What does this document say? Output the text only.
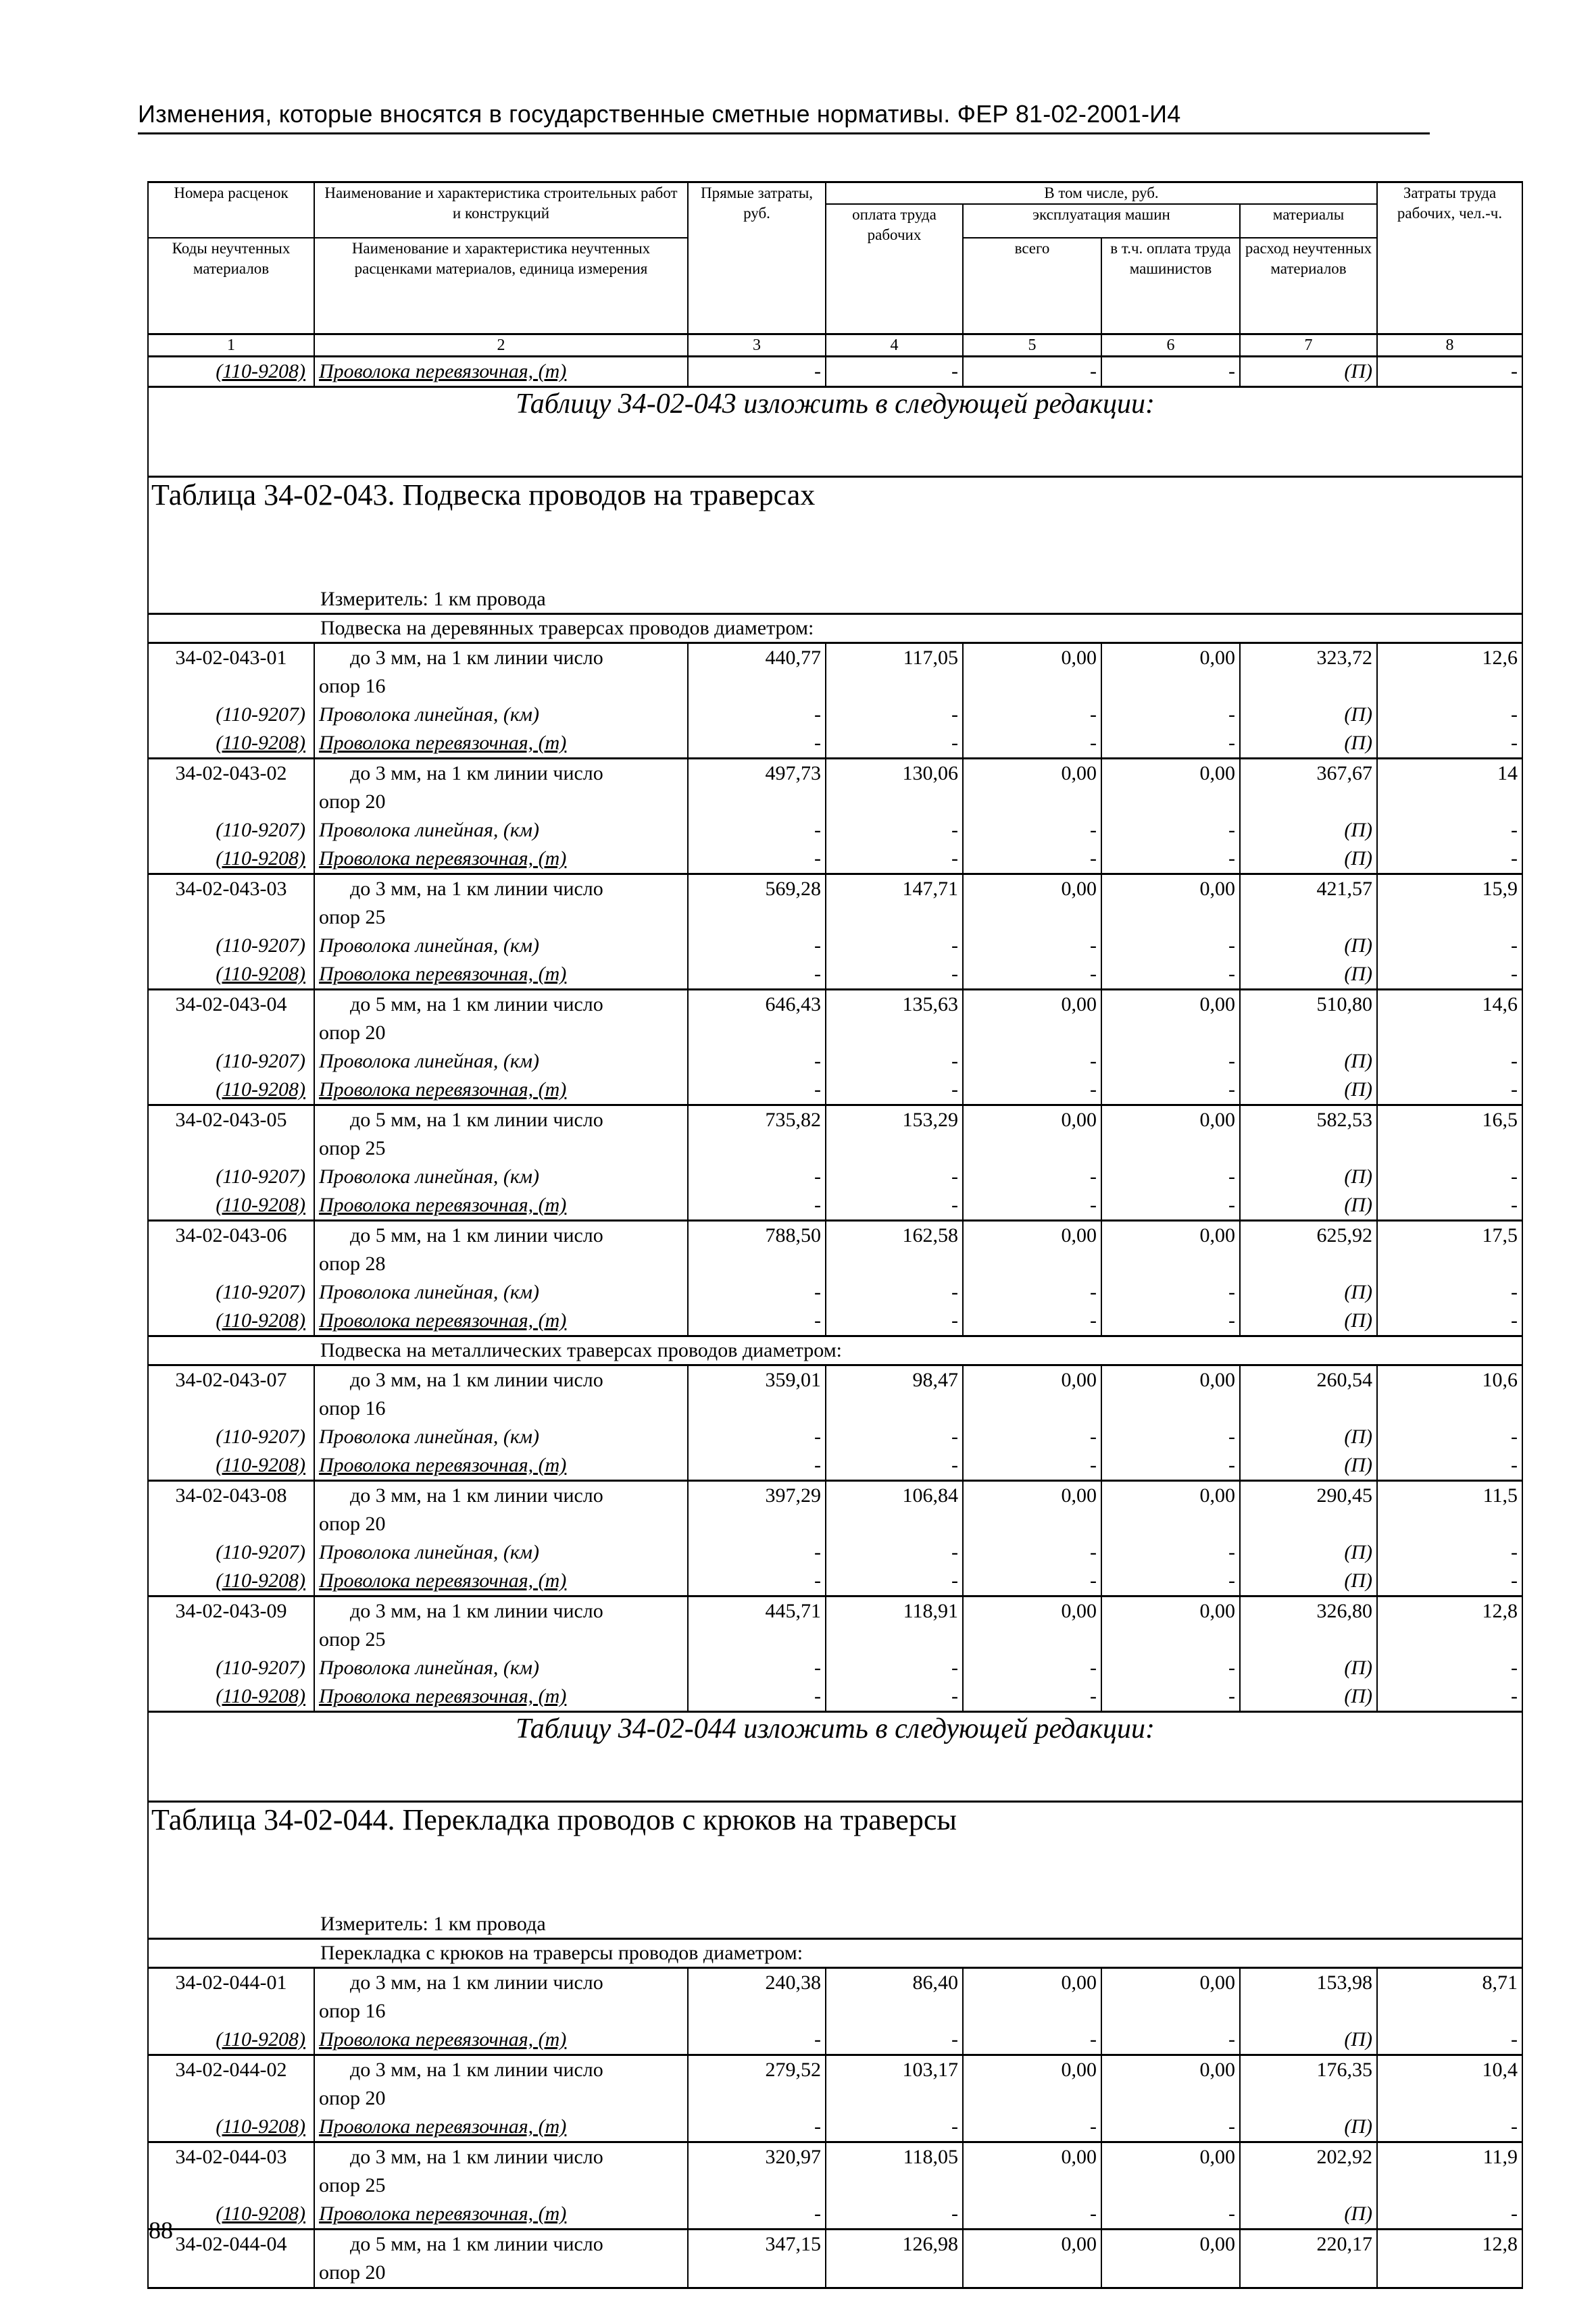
Изменения, которые вносятся в государственные сметные нормативы. ФЕР 81-02-2001-И4
Номера расценок	Наименование и характеристика строительных работ и конструкций	Прямые затраты, руб.	В том числе, руб.				Затраты труда рабочих, чел.-ч.
			оплата труда рабочих	эксплуатация машин		материалы	
Коды неучтенных материалов	Наименование и характеристика неучтенных расценками материалов, единица измерения			всего	в т.ч. оплата труда машинистов	расход неучтенных материалов	

1	2	3	4	5	6	7	8
(110-9208)	Проволока перевязочная, (т)	-	-	-	-	(П)	-
Таблицу 34-02-043 изложить в следующей редакции:							
Таблица 34-02-043. Подвеска проводов на траверсах							
Измеритель: 1 км провода							
Подвеска на деревянных траверсах проводов диаметром:							
34-02-043-01	до 3 мм, на 1 км линии число	440,77	117,05	0,00	0,00	323,72	12,6
	опор 16						
(110-9207)	Проволока линейная, (км)	-	-	-	-	(П)	-
(110-9208)	Проволока перевязочная, (т)	-	-	-	-	(П)	-
34-02-043-02	до 3 мм, на 1 км линии число	497,73	130,06	0,00	0,00	367,67	14
	опор 20						
(110-9207)	Проволока линейная, (км)	-	-	-	-	(П)	-
(110-9208)	Проволока перевязочная, (т)	-	-	-	-	(П)	-
34-02-043-03	до 3 мм, на 1 км линии число	569,28	147,71	0,00	0,00	421,57	15,9
	опор 25						
(110-9207)	Проволока линейная, (км)	-	-	-	-	(П)	-
(110-9208)	Проволока перевязочная, (т)	-	-	-	-	(П)	-
34-02-043-04	до 5 мм, на 1 км линии число	646,43	135,63	0,00	0,00	510,80	14,6
	опор 20						
(110-9207)	Проволока линейная, (км)	-	-	-	-	(П)	-
(110-9208)	Проволока перевязочная, (т)	-	-	-	-	(П)	-
34-02-043-05	до 5 мм, на 1 км линии число	735,82	153,29	0,00	0,00	582,53	16,5
	опор 25						
(110-9207)	Проволока линейная, (км)	-	-	-	-	(П)	-
(110-9208)	Проволока перевязочная, (т)	-	-	-	-	(П)	-
34-02-043-06	до 5 мм, на 1 км линии число	788,50	162,58	0,00	0,00	625,92	17,5
	опор 28						
(110-9207)	Проволока линейная, (км)	-	-	-	-	(П)	-
(110-9208)	Проволока перевязочная, (т)	-	-	-	-	(П)	-
Подвеска на металлических траверсах проводов диаметром:							
34-02-043-07	до 3 мм, на 1 км линии число	359,01	98,47	0,00	0,00	260,54	10,6
	опор 16						
(110-9207)	Проволока линейная, (км)	-	-	-	-	(П)	-
(110-9208)	Проволока перевязочная, (т)	-	-	-	-	(П)	-
34-02-043-08	до 3 мм, на 1 км линии число	397,29	106,84	0,00	0,00	290,45	11,5
	опор 20						
(110-9207)	Проволока линейная, (км)	-	-	-	-	(П)	-
(110-9208)	Проволока перевязочная, (т)	-	-	-	-	(П)	-
34-02-043-09	до 3 мм, на 1 км линии число	445,71	118,91	0,00	0,00	326,80	12,8
	опор 25						
(110-9207)	Проволока линейная, (км)	-	-	-	-	(П)	-
(110-9208)	Проволока перевязочная, (т)	-	-	-	-	(П)	-
Таблицу 34-02-044 изложить в следующей редакции:							
Таблица 34-02-044. Перекладка проводов с крюков на траверсы							
Измеритель: 1 км провода							
Перекладка с крюков на траверсы проводов диаметром:							
34-02-044-01	до 3 мм, на 1 км линии число	240,38	86,40	0,00	0,00	153,98	8,71
	опор 16						
(110-9208)	Проволока перевязочная, (т)	-	-	-	-	(П)	-
34-02-044-02	до 3 мм, на 1 км линии число	279,52	103,17	0,00	0,00	176,35	10,4
	опор 20						
(110-9208)	Проволока перевязочная, (т)	-	-	-	-	(П)	-
34-02-044-03	до 3 мм, на 1 км линии число	320,97	118,05	0,00	0,00	202,92	11,9
	опор 25						
(110-9208)	Проволока перевязочная, (т)	-	-	-	-	(П)	-
34-02-044-04	до 5 мм, на 1 км линии число	347,15	126,98	0,00	0,00	220,17	12,8
	опор 20						
88
